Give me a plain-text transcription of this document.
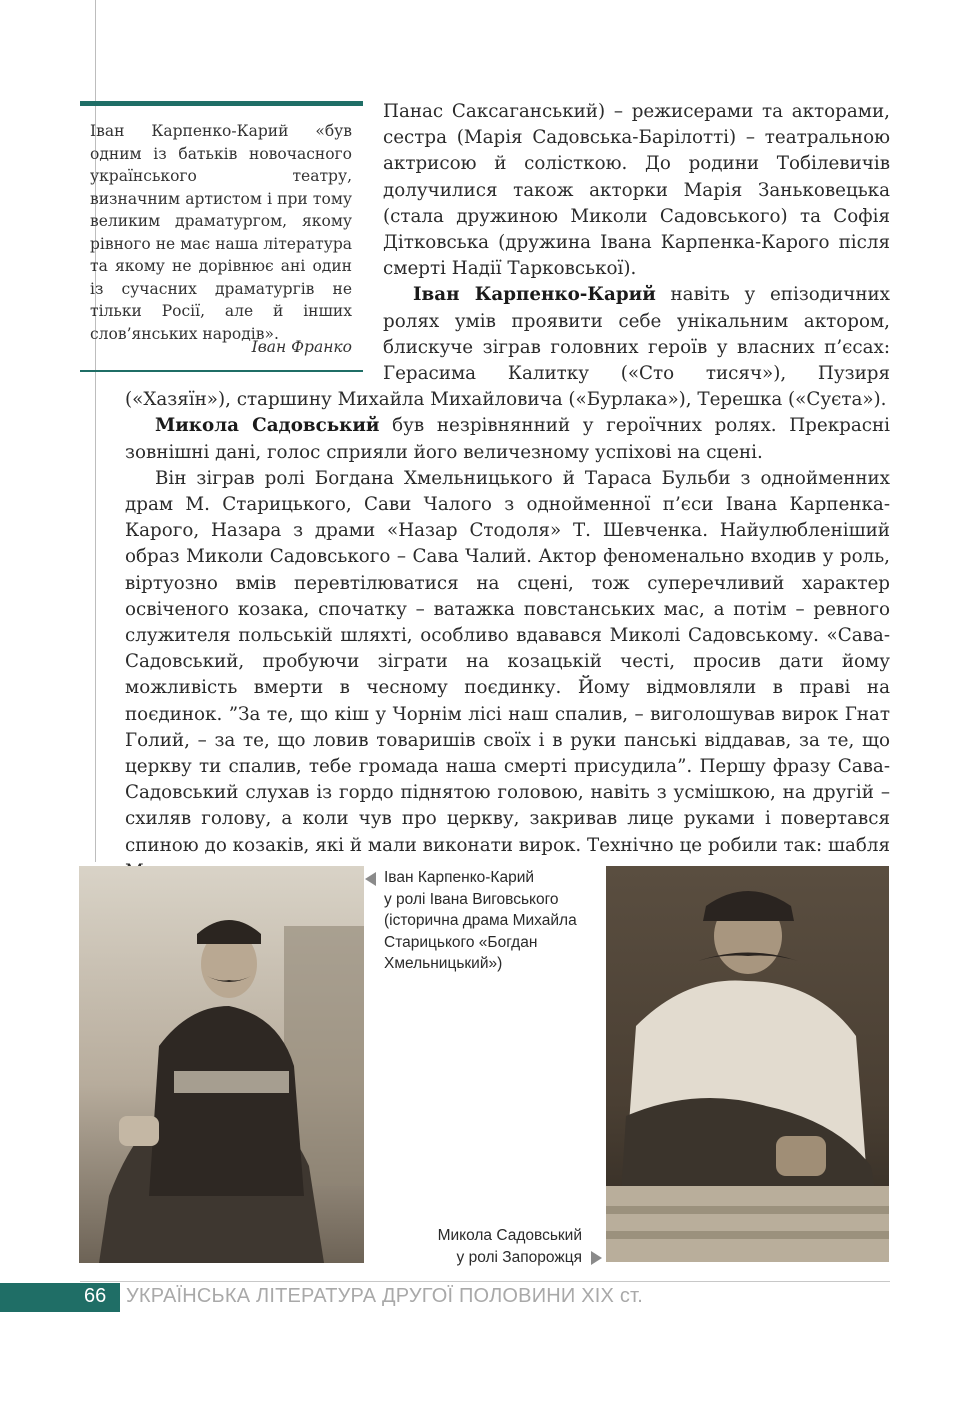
Іван Карпенко-Карий «був одним із батьків новочасного українського театру, визначним артистом і при тому великим драматургом, якому рівного не має наша література та якому не дорівнює ані один із сучасних драматургів не тільки Росії, але й інших слов’янських народів».
Іван Франко

Панас Саксаганський) – режисерами та акторами, сестра (Марія Садовська-Барілотті) – театральною актрисою й солісткою. До родини Тобілевичів долучилися також акторки Марія Заньковецька (стала дружиною Миколи Садовського) та Софія Дітковська (дружина Івана Карпенка-Карого після смерті Надії Тарковської).

Іван Карпенко-Карий навіть у епізодичних ролях умів проявити себе унікальним актором, блискуче зіграв головних героїв у власних п’єсах: Герасима Калитку («Сто тисяч»), Пузиря («Хазяїн»), старшину Михайла Михайловича («Бурлака»), Терешка («Суєта»).

Микола Садовський був незрівнянний у героїчних ролях. Прекрасні зовнішні дані, голос сприяли його величезному успіхові на сцені.

Він зіграв ролі Богдана Хмельницького й Тараса Бульби з однойменних драм М. Старицького, Сави Чалого з однойменної п’єси Івана Карпенка-Карого, Назара з драми «Назар Стодоля» Т. Шевченка. Найулюбленіший образ Миколи Садовського – Сава Чалий. Актор феноменально входив у роль, віртуозно вмів перевтілюватися на сцені, тож суперечливий характер освіченого козака, спочатку – ватажка повстанських мас, а потім – ревного служителя польській шляхті, особливо вдавався Миколі Садовському. «Сава-Садовський, пробуючи зіграти на козацькій честі, просив дати йому можливість вмерти в чесному поєдинку. Йому відмовляли в праві на поєдинок. ”За те, що кіш у Чорнім лісі наш спалив, – виголошував вирок Гнат Голий, – за те, що ловив товаришів своїх і в руки панські віддавав, за те, що церкву ти спалив, тебе громада наша смерті присудила”. Першу фразу Сава-Садовський слухав із гордо піднятою головою, навіть з усмішкою, на другій – схиляв голову, а коли чув про церкву, закривав лице руками і повертався спиною до козаків, які й мали виконати вирок. Технічно це робили так: шабля

Іван Карпенко-Карий
у ролі Івана Виговського
(історична драма Михайла
Старицького «Богдан
Хмельницький»)
Микола Садовський
у ролі Запорожця
66 УКРАЇНСЬКА ЛІТЕРАТУРА ДРУГОЇ ПОЛОВИНИ XIX ст.
